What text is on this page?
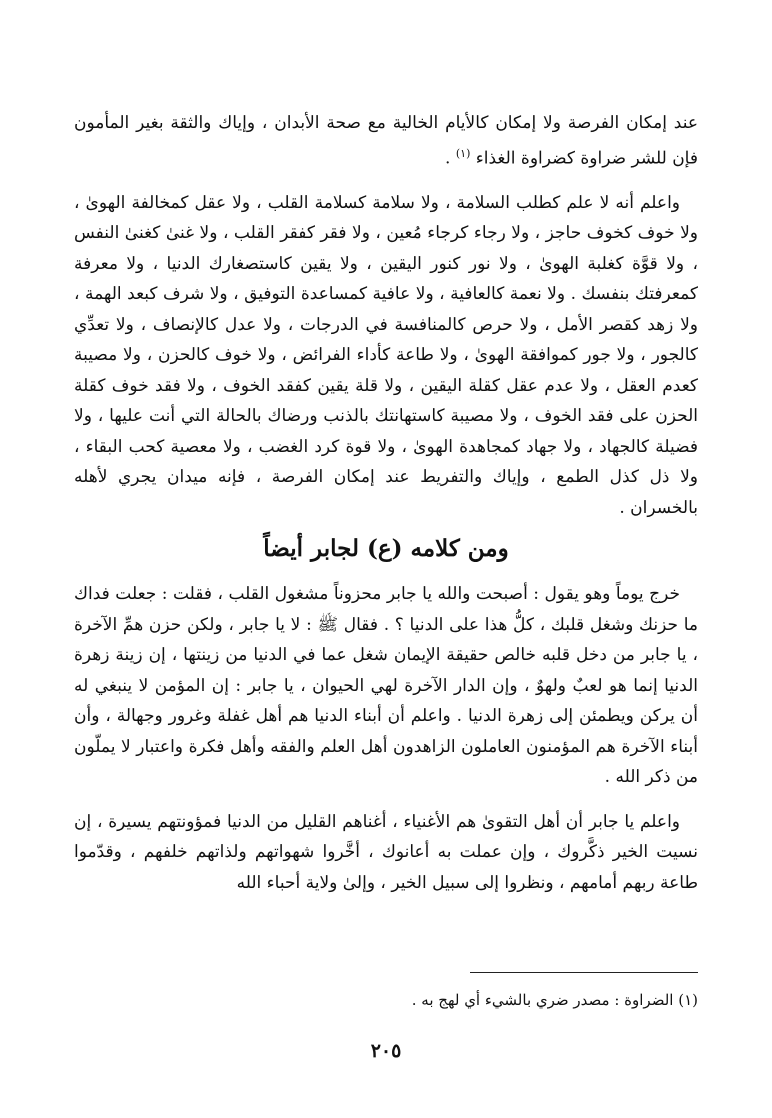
عند إمكان الفرصة ولا إمكان كالأيام الخالية مع صحة الأبدان ، وإياك والثقة بغير المأمون فإن للشر ضراوة كضراوة الغذاء $^{(١)}$ .

واعلم أنه لا علم كطلب السلامة ، ولا سلامة كسلامة القلب ، ولا عقل كمخالفة الهوىٰ ، ولا خوف كخوف حاجز ، ولا رجاء كرجاء مُعين ، ولا فقر كفقر القلب ، ولا غنىٰ كغنىٰ النفس ، ولا قوَّة كغلبة الهوىٰ ، ولا نور كنور اليقين ، ولا يقين كاستصغارك الدنيا ، ولا معرفة كمعرفتك بنفسك . ولا نعمة كالعافية ، ولا عافية كمساعدة التوفيق ، ولا شرف كبعد الهمة ، ولا زهد كقصر الأمل ، ولا حرص كالمنافسة في الدرجات ، ولا عدل كالإنصاف ، ولا تعدِّي كالجور ، ولا جور كموافقة الهوىٰ ، ولا طاعة كأداء الفرائض ، ولا خوف كالحزن ، ولا مصيبة كعدم العقل ، ولا عدم عقل كقلة اليقين ، ولا قلة يقين كفقد الخوف ، ولا فقد خوف كقلة الحزن على فقد الخوف ، ولا مصيبة كاستهانتك بالذنب ورضاك بالحالة التي أنت عليها ، ولا فضيلة كالجهاد ، ولا جهاد كمجاهدة الهوىٰ ، ولا قوة كرد الغضب ، ولا معصية كحب البقاء ، ولا ذل كذل الطمع ، وإياك والتفريط عند إمكان الفرصة ، فإنه ميدان يجري لأهله بالخسران .

ومن كلامه (ع) لجابر أيضاً

خرج يوماً وهو يقول : أصبحت والله يا جابر محزوناً مشغول القلب ، فقلت : جعلت فداك ما حزنك وشغل قلبك ، كلُّ هذا على الدنيا ؟ . فقال ﷺ : لا يا جابر ، ولكن حزن همِّ الآخرة ، يا جابر من دخل قلبه خالص حقيقة الإيمان شغل عما في الدنيا من زينتها ، إن زينة زهرة الدنيا إنما هو لعبٌ ولهوٌ ، وإن الدار الآخرة لهي الحيوان ، يا جابر : إن المؤمن لا ينبغي له أن يركن ويطمئن إلى زهرة الدنيا . واعلم أن أبناء الدنيا هم أهل غفلة وغرور وجهالة ، وأن أبناء الآخرة هم المؤمنون العاملون الزاهدون أهل العلم والفقه وأهل فكرة واعتبار لا يملّون من ذكر الله .

واعلم يا جابر أن أهل التقوىٰ هم الأغنياء ، أغناهم القليل من الدنيا فمؤونتهم يسيرة ، إن نسيت الخير ذكَّروك ، وإن عملت به أعانوك ، أخَّروا شهواتهم ولذاتهم خلفهم ، وقدّموا طاعة ربهم أمامهم ، ونظروا إلى سبيل الخير ، وإلىٰ ولاية أحباء الله

(١) الضراوة : مصدر ضري بالشيء أي لهج به .
٢٠٥
